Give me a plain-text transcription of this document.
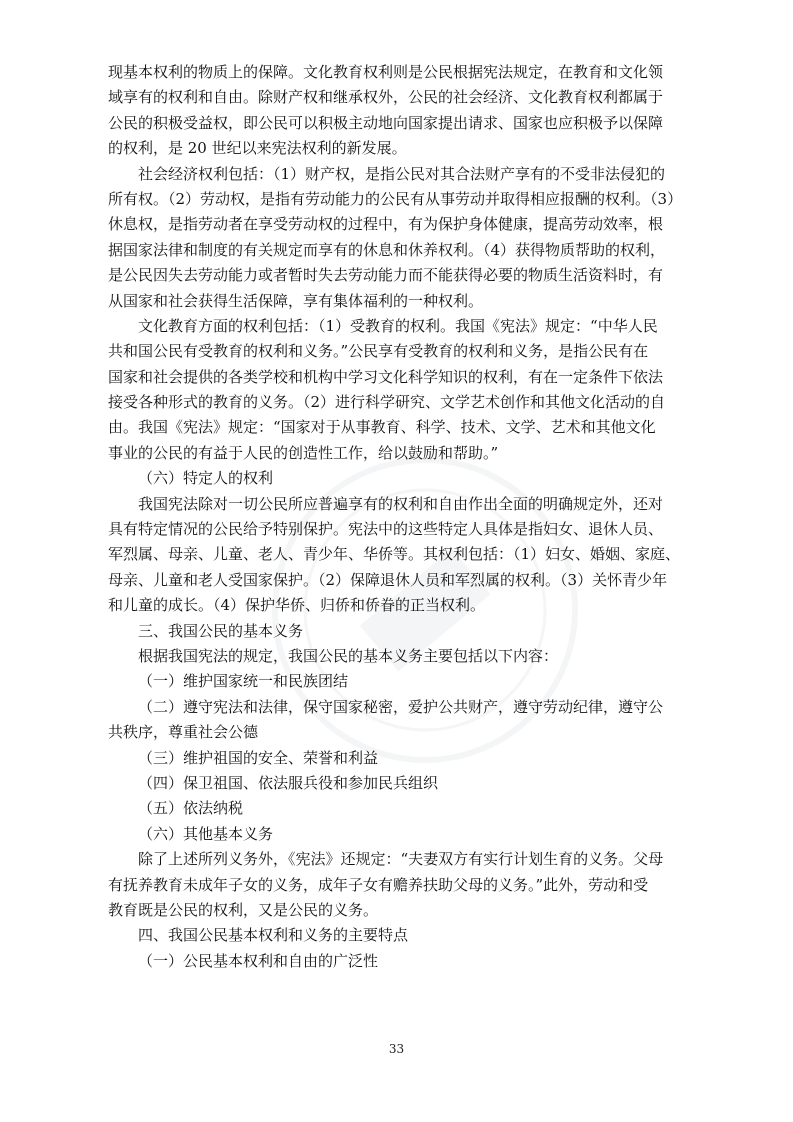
现基本权利的物质上的保障。文化教育权利则是公民根据宪法规定，在教育和文化领
域享有的权利和自由。除财产权和继承权外，公民的社会经济、文化教育权利都属于
公民的积极受益权，即公民可以积极主动地向国家提出请求、国家也应积极予以保障
的权利，是 20 世纪以来宪法权利的新发展。
社会经济权利包括：（1）财产权，是指公民对其合法财产享有的不受非法侵犯的
所有权。（2）劳动权，是指有劳动能力的公民有从事劳动并取得相应报酬的权利。（3）
休息权，是指劳动者在享受劳动权的过程中，有为保护身体健康，提高劳动效率，根
据国家法律和制度的有关规定而享有的休息和休养权利。（4）获得物质帮助的权利，
是公民因失去劳动能力或者暂时失去劳动能力而不能获得必要的物质生活资料时，有
从国家和社会获得生活保障，享有集体福利的一种权利。
文化教育方面的权利包括：（1）受教育的权利。我国《宪法》规定：“中华人民
共和国公民有受教育的权利和义务。”公民享有受教育的权利和义务，是指公民有在
国家和社会提供的各类学校和机构中学习文化科学知识的权利，有在一定条件下依法
接受各种形式的教育的义务。（2）进行科学研究、文学艺术创作和其他文化活动的自
由。我国《宪法》规定：“国家对于从事教育、科学、技术、文学、艺术和其他文化
事业的公民的有益于人民的创造性工作，给以鼓励和帮助。”
（六）特定人的权利
我国宪法除对一切公民所应普遍享有的权利和自由作出全面的明确规定外，还对
具有特定情况的公民给予特别保护。宪法中的这些特定人具体是指妇女、退休人员、
军烈属、母亲、儿童、老人、青少年、华侨等。其权利包括：（1）妇女、婚姻、家庭、
母亲、儿童和老人受国家保护。（2）保障退休人员和军烈属的权利。（3）关怀青少年
和儿童的成长。（4）保护华侨、归侨和侨眷的正当权利。
三、我国公民的基本义务
根据我国宪法的规定，我国公民的基本义务主要包括以下内容：
（一）维护国家统一和民族团结
（二）遵守宪法和法律，保守国家秘密，爱护公共财产，遵守劳动纪律，遵守公
共秩序，尊重社会公德
（三）维护祖国的安全、荣誉和利益
（四）保卫祖国、依法服兵役和参加民兵组织
（五）依法纳税
（六）其他基本义务
除了上述所列义务外，《宪法》还规定：“夫妻双方有实行计划生育的义务。父母
有抚养教育未成年子女的义务，成年子女有赡养扶助父母的义务。”此外，劳动和受
教育既是公民的权利，又是公民的义务。
四、我国公民基本权利和义务的主要特点
（一）公民基本权利和自由的广泛性
33
